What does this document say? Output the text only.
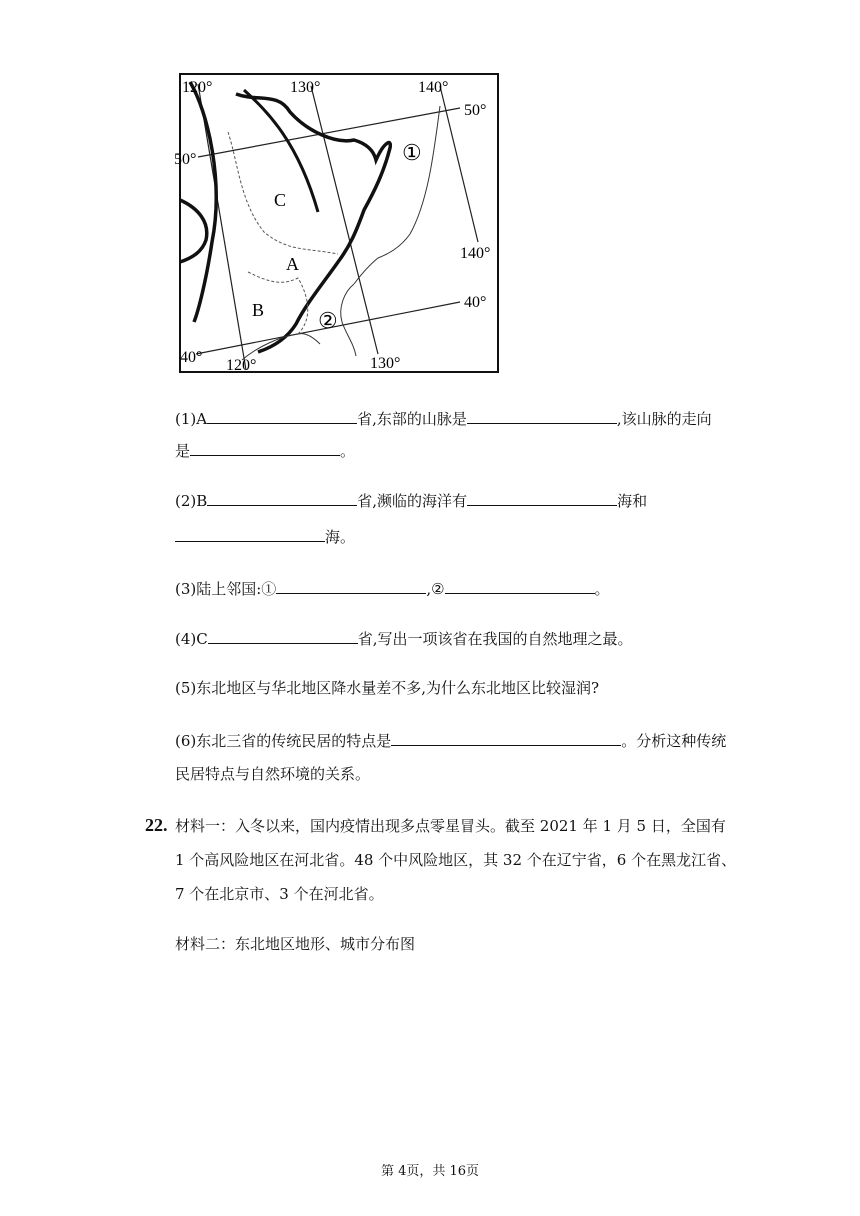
120°	130°	140°
50°
40°
140°
50°
40° 120°	130°
C
A
B
①
②
(1)A	省,东部的山脉是	,该山脉的走向
是	。
(2)B	省,濒临的海洋有	海和
海。
(3)陆上邻国:①	,②	。
(4)C	省,写出一项该省在我国的自然地理之最。
(5)东北地区与华北地区降水量差不多,为什么东北地区比较湿润?
(6)东北三省的传统民居的特点是	。分析这种传统
民居特点与自然环境的关系。
22. 材料一：入冬以来，国内疫情出现多点零星冒头。截至 2021 年 1 月 5 日，全国有
1 个高风险地区在河北省。48 个中风险地区，其 32 个在辽宁省，6 个在黑龙江省、
7 个在北京市、3 个在河北省。
材料二：东北地区地形、城市分布图
第 4页，共 16页
